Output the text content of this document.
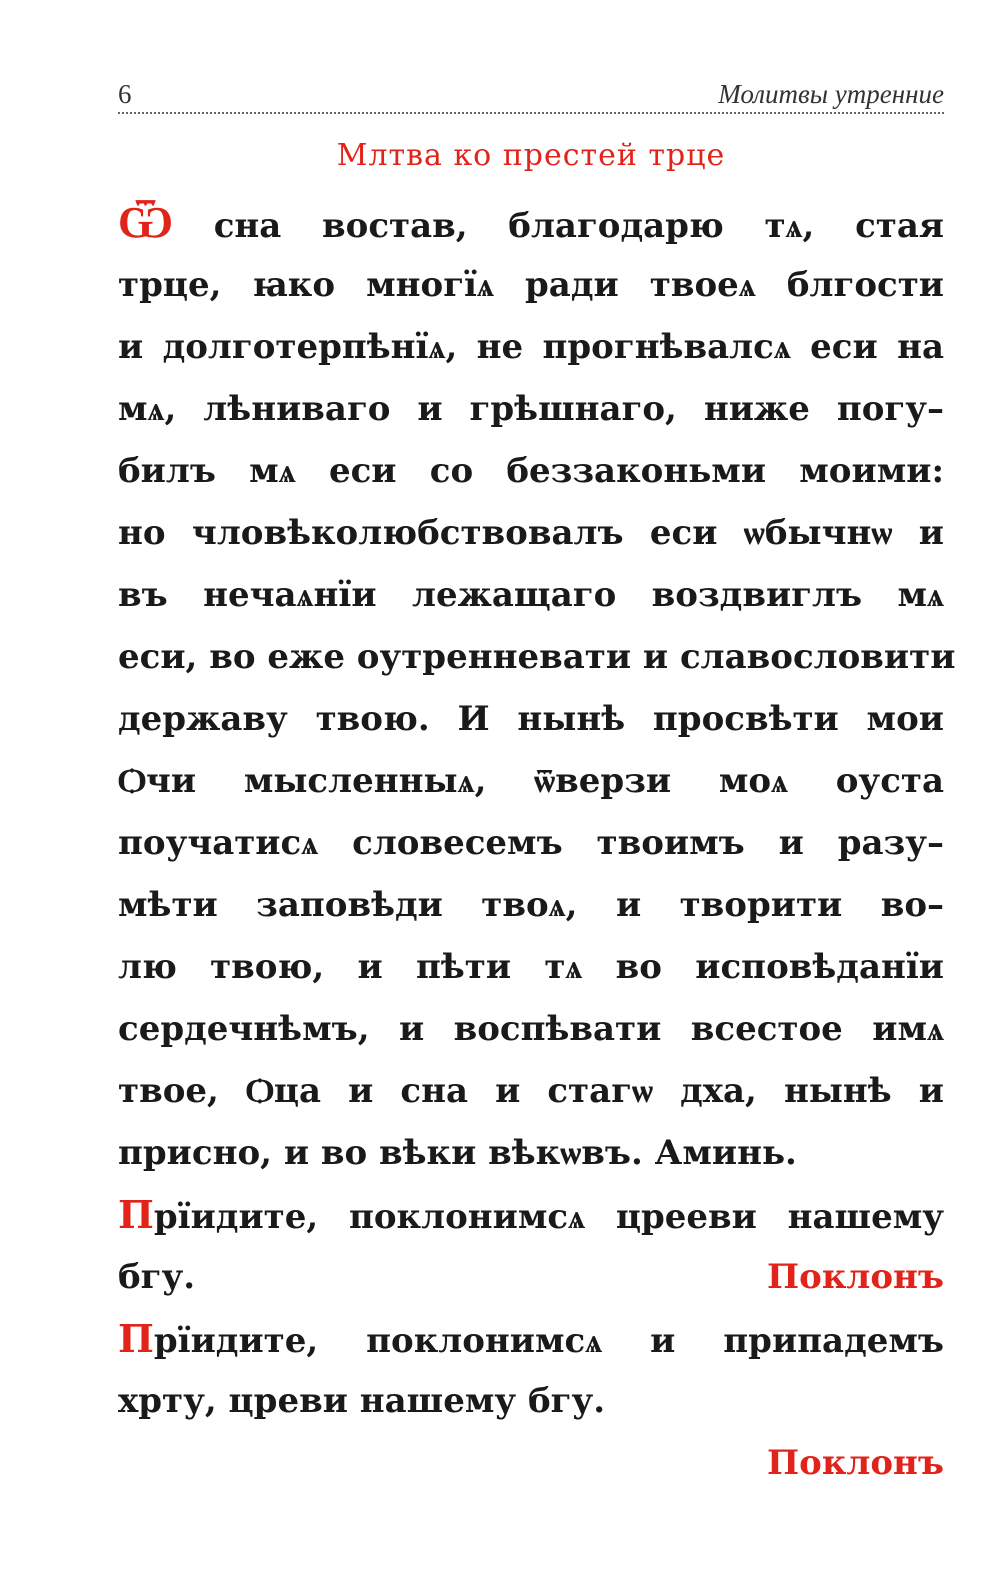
6	Молитвы утренние
Млтва ко престей трце
Ѿ сна востав, благодарю тѧ, стая
трце, ꙗко многїѧ ради твоеѧ блгости
и долготерпѣнїѧ, не прогнѣвалсѧ еси на
мѧ, лѣниваго и грѣшнаго, ниже погу–
билъ мѧ еси со беззаконьми моими:
но чловѣколюбствовалъ еси ѡбычнѡ и
въ нечаѧнїи лежащаго воздвиглъ мѧ
еси, во еже оутренневати и славословити
державу твою. И нынѣ просвѣти мои
Ѻчи мысленныѧ, ѿверзи моѧ оуста
поучатисѧ словесемъ твоимъ и разу–
мѣти заповѣди твоѧ, и творити во–
лю твою, и пѣти тѧ во исповѣданїи
сердечнѣмъ, и воспѣвати всестое имѧ
твое, Ѻца и сна и стагѡ дха, нынѣ и
присно, и во вѣки вѣкѡвъ. Аминь.
Прїидите, поклонимсѧ црееви нашему
бгу.	Поклонъ
Прїидите, поклонимсѧ и припадемъ
хрту, цреви нашему бгу.
Поклонъ
